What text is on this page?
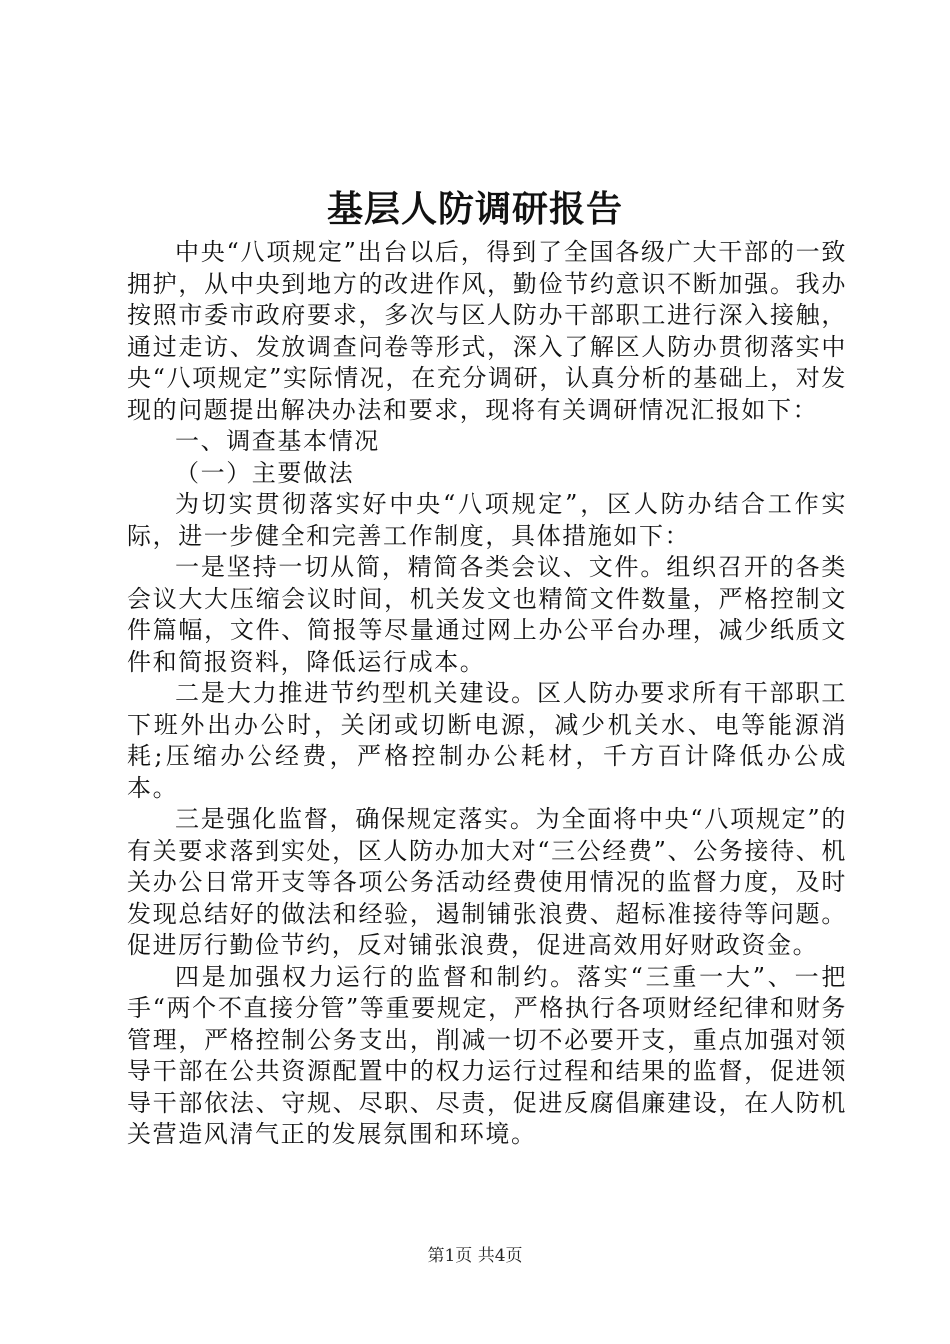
基层人防调研报告

中央“八项规定”出台以后，得到了全国各级广大干部的一致拥护，从中央到地方的改进作风，勤俭节约意识不断加强。我办按照市委市政府要求，多次与区人防办干部职工进行深入接触，通过走访、发放调查问卷等形式，深入了解区人防办贯彻落实中央“八项规定”实际情况，在充分调研，认真分析的基础上，对发现的问题提出解决办法和要求，现将有关调研情况汇报如下：

一、调查基本情况

（一）主要做法

为切实贯彻落实好中央“八项规定”，区人防办结合工作实际，进一步健全和完善工作制度，具体措施如下：

一是坚持一切从简，精简各类会议、文件。组织召开的各类会议大大压缩会议时间，机关发文也精简文件数量，严格控制文件篇幅，文件、简报等尽量通过网上办公平台办理，减少纸质文件和简报资料，降低运行成本。

二是大力推进节约型机关建设。区人防办要求所有干部职工下班外出办公时，关闭或切断电源，减少机关水、电等能源消耗;压缩办公经费，严格控制办公耗材，千方百计降低办公成本。

三是强化监督，确保规定落实。为全面将中央“八项规定”的有关要求落到实处，区人防办加大对“三公经费”、公务接待、机关办公日常开支等各项公务活动经费使用情况的监督力度，及时发现总结好的做法和经验，遏制铺张浪费、超标准接待等问题。促进厉行勤俭节约，反对铺张浪费，促进高效用好财政资金。

四是加强权力运行的监督和制约。落实“三重一大”、一把手“两个不直接分管”等重要规定，严格执行各项财经纪律和财务管理，严格控制公务支出，削减一切不必要开支，重点加强对领导干部在公共资源配置中的权力运行过程和结果的监督，促进领导干部依法、守规、尽职、尽责，促进反腐倡廉建设，在人防机关营造风清气正的发展氛围和环境。

第1页 共4页
